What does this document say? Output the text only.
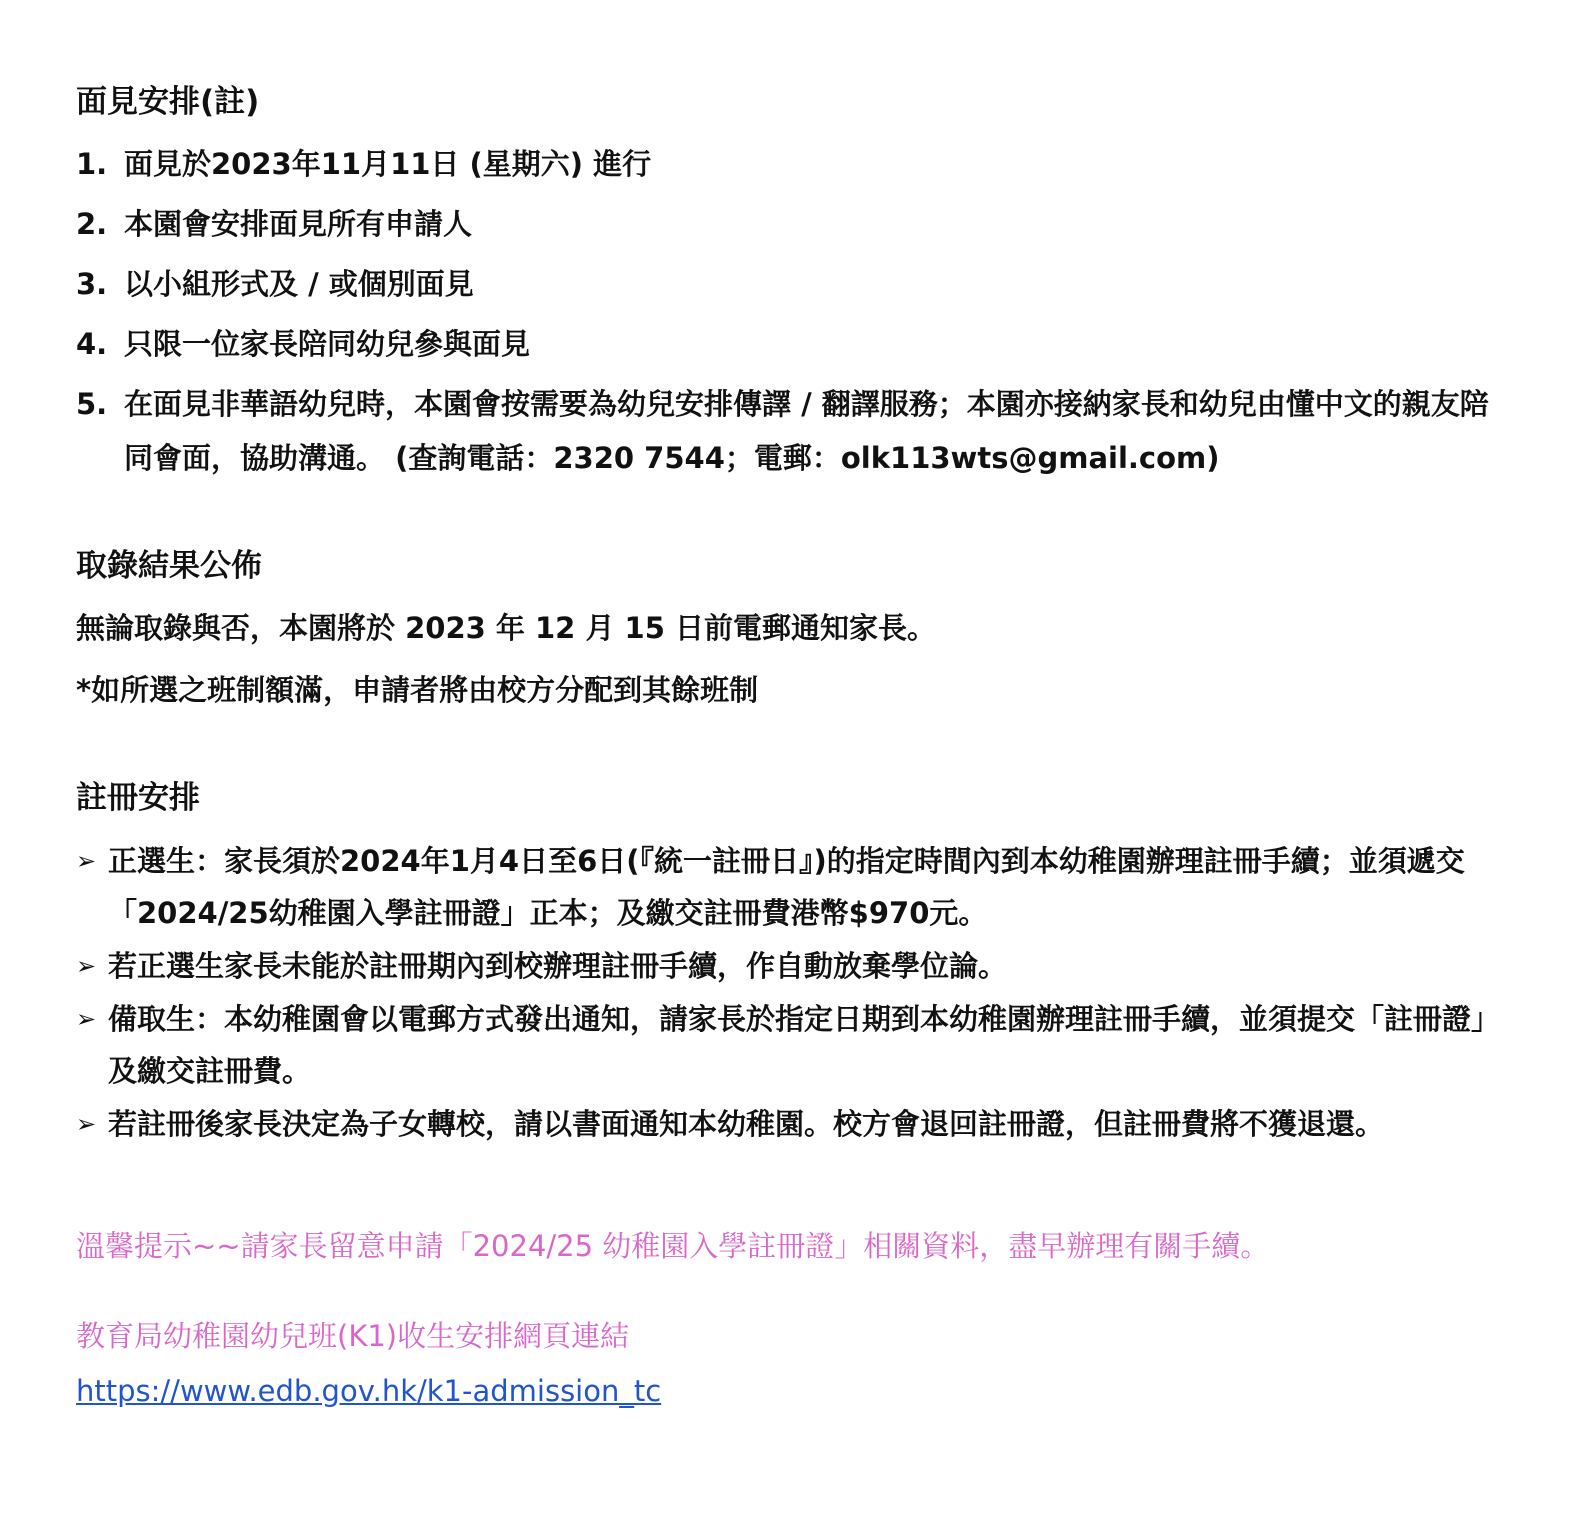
面見安排(註)
1. 面見於2023年11月11日 (星期六) 進行
2. 本園會安排面見所有申請人
3. 以小組形式及 / 或個別面見
4. 只限一位家長陪同幼兒參與面見
5. 在面見非華語幼兒時，本園會按需要為幼兒安排傳譯 / 翻譯服務；本園亦接納家長和幼兒由懂中文的親友陪同會面，協助溝通。 (查詢電話：2320 7544；電郵：olk113wts@gmail.com)
取錄結果公佈
無論取錄與否，本園將於 2023 年 12 月 15 日前電郵通知家長。
*如所選之班制額滿，申請者將由校方分配到其餘班制
註冊安排
➢ 正選生：家長須於2024年1月4日至6日(『統一註冊日』)的指定時間內到本幼稚園辦理註冊手續；並須遞交「2024/25幼稚園入學註冊證」正本；及繳交註冊費港幣$970元。
➢ 若正選生家長未能於註冊期內到校辦理註冊手續，作自動放棄學位論。
➢ 備取生：本幼稚園會以電郵方式發出通知，請家長於指定日期到本幼稚園辦理註冊手續，並須提交「註冊證」及繳交註冊費。
➢ 若註冊後家長決定為子女轉校，請以書面通知本幼稚園。校方會退回註冊證，但註冊費將不獲退還。
溫馨提示~~請家長留意申請「2024/25 幼稚園入學註冊證」相關資料，盡早辦理有關手續。
教育局幼稚園幼兒班(K1)收生安排網頁連結
https://www.edb.gov.hk/k1-admission_tc
